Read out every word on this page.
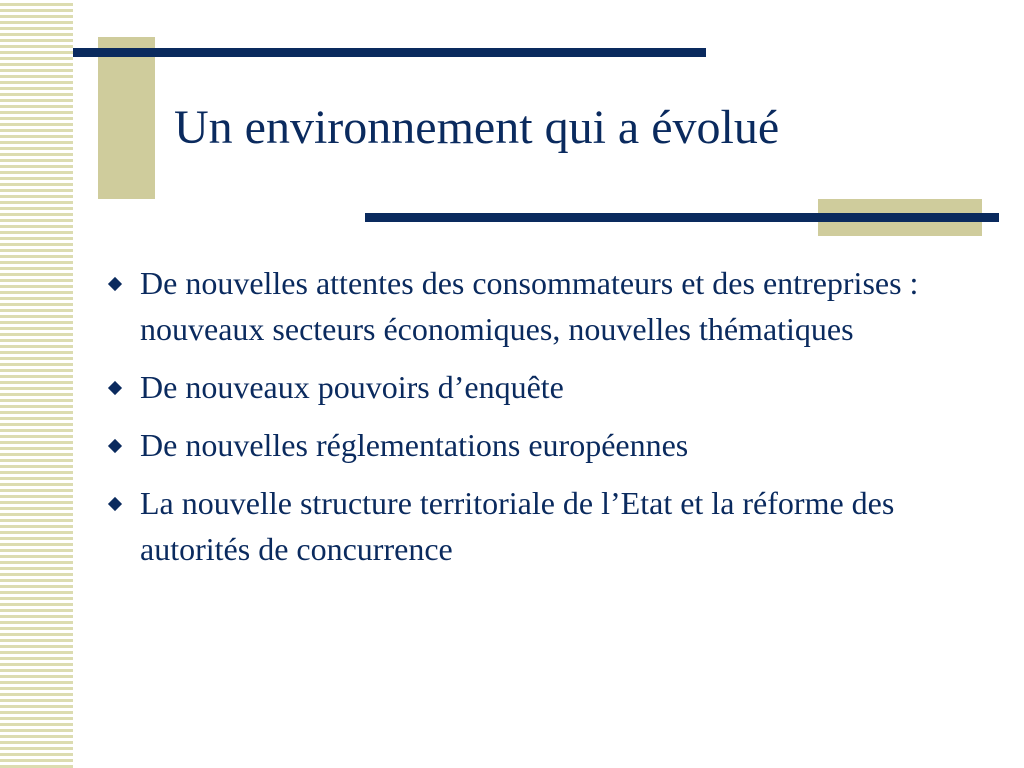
Un environnement qui a évolué
De nouvelles attentes des consommateurs et des entreprises : nouveaux secteurs économiques, nouvelles thématiques
De nouveaux pouvoirs d’enquête
De nouvelles réglementations européennes
La nouvelle structure territoriale de l’Etat et la réforme des autorités de concurrence
